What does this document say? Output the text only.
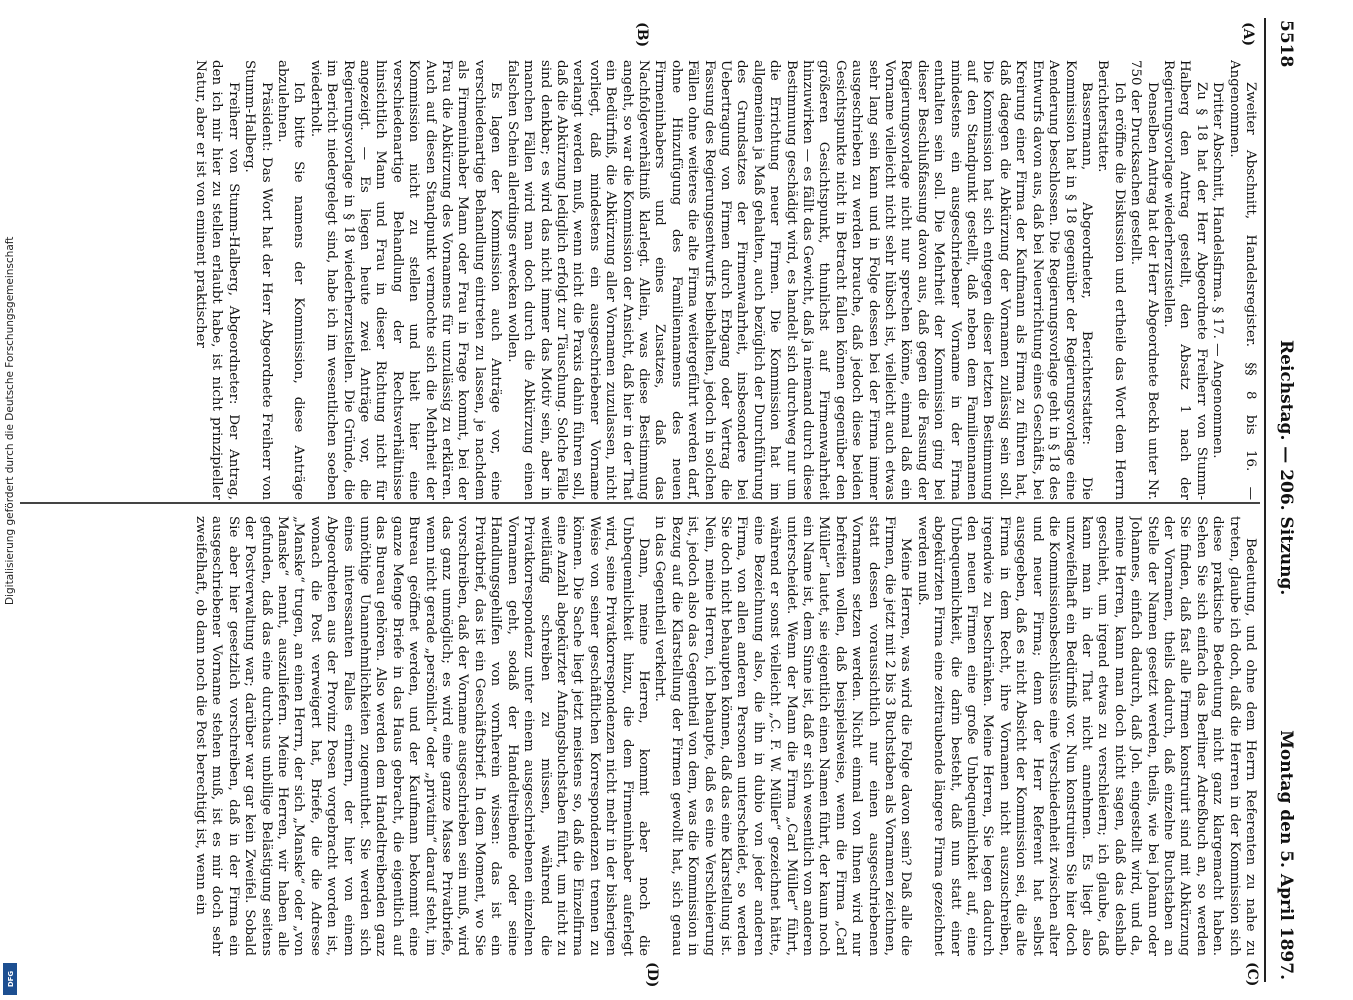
5518
Reichstag. — 206. Sitzung.
Montag den 5. April 1897.
(A)
(B)
(C)
(D)

Zweiter Abschnitt, Handelsregister. §§ 8 bis 16. — Angenommen.

Dritter Abschnitt, Handelsfirma. § 17. — Angenommen.

Zu § 18 hat der Herr Abgeordnete Freiherr von Stumm-Halberg den Antrag gestellt, den Absatz 1 nach der Regierungsvorlage wiederherzustellen.

Denselben Antrag hat der Herr Abgeordnete Beckh unter Nr. 750 der Drucksachen gestellt.

Ich eröffne die Diskussion und ertheile das Wort dem Herrn Berichterstatter.

Bassermann, Abgeordneter, Berichterstatter: Die Kommission hat in § 18 gegenüber der Regierungsvorlage eine Aenderung beschlossen. Die Regierungsvorlage geht in § 18 des Entwurfs davon aus, daß bei Neuerrichtung eines Geschäfts, bei Kreirung einer Firma der Kaufmann als Firma zu führen hat, daß dagegen die Abkürzung der Vornamen zulässig sein soll. Die Kommission hat sich entgegen dieser letzten Bestimmung auf den Standpunkt gestellt, daß neben dem Familiennamen mindestens ein ausgeschriebener Vorname in der Firma enthalten sein soll. Die Mehrheit der Kommission ging bei dieser Beschlußfassung davon aus, daß gegen die Fassung der Regierungsvorlage nicht nur sprechen könne, einmal daß ein Vorname vielleicht nicht sehr hübsch ist, vielleicht auch etwas sehr lang sein kann und in Folge dessen bei der Firma immer ausgeschrieben zu werden brauche, daß jedoch diese beiden Gesichtspunkte nicht in Betracht fallen können gegenüber den größeren Gesichtspunkt, thunlichst auf Firmenwahrheit hinzuwirken — es fällt das Gewicht, daß ja niemand durch diese Bestimmung geschädigt wird, es handelt sich durchweg nur um die Errichtung neuer Firmen. Die Kommission hat im allgemeinen ja Maß gehalten, auch bezüglich der Durchführung des Grundsatzes der Firmenwahrheit, insbesondere bei Uebertragung von Firmen durch Erbgang oder Vertrag die Fassung des Regierungsentwurfs beibehalten, jedoch in solchen Fällen ohne weiteres die alte Firma weitergeführt werden darf, ohne Hinzufügung des Familiennamens des neuen Firmeninhabers und eines Zusatzes, daß das Nachfolgeverhältniß klarlegt. Allein, was diese Bestimmung angeht, so war die Kommission der Ansicht, daß hier in der That ein Bedürfniß, die Abkürzung aller Vornamen zuzulassen, nicht vorliegt, daß mindestens ein ausgeschriebener Vorname verlangt werden muß, wenn nicht die Praxis dahin führen soll, daß die Abkürzung lediglich erfolgt zur Täuschung. Solche Fälle sind denkbar; es wird das nicht immer das Motiv sein, aber in manchen Fällen wird man doch durch die Abkürzung einen falschen Schein allerdings erwecken wollen.

Es lagen der Kommission auch Anträge vor, eine verschiedenartige Behandlung eintreten zu lassen, je nachdem als Firmeninhaber Mann oder Frau in Frage kommt, bei der Frau die Abkürzung des Vornamens für unzulässig zu erklären. Auch auf diesen Standpunkt vermochte sich die Mehrheit der Kommission nicht zu stellen und hielt hier eine verschiedenartige Behandlung der Rechtsverhältnisse hinsichtlich Mann und Frau in dieser Richtung nicht für angezeigt. — Es liegen heute zwei Anträge vor, die Regierungsvorlage in § 18 wiederherzustellen. Die Gründe, die im Bericht niedergelegt sind, habe ich im wesentlichen soeben wiederholt.

Ich bitte Sie namens der Kommission, diese Anträge abzulehnen.

Präsident: Das Wort hat der Herr Abgeordnete Freiherr von Stumm-Halberg.

Freiherr von Stumm-Halberg, Abgeordneter: Der Antrag, den ich mir hier zu stellen erlaubt habe, ist nicht prinzipieller Natur, aber er ist von eminent praktischer

Bedeutung, und ohne dem Herrn Referenten zu nahe zu treten, glaube ich doch, daß die Herren in der Kommission sich diese praktische Bedeutung nicht ganz klargemacht haben. Sehen Sie sich einfach das Berliner Adreßbuch an, so werden Sie finden, daß fast alle Firmen konstruirt sind mit Abkürzung der Vornamen, theils dadurch, daß einzelne Buchstaben an Stelle der Namen gesetzt werden, theils, wie bei Johann oder Johannes, einfach dadurch, daß Joh. eingestellt wird, und da, meine Herren, kann man doch nicht sagen, daß das deshalb geschieht, um irgend etwas zu verschleiern; ich glaube, daß kann man in der That nicht annehmen. Es liegt also unzweifelhaft ein Bedürfniß vor. Nun konstruiren Sie hier doch die Kommissionsbeschlüsse eine Verschiedenheit zwischen alter und neuer Firma; denn der Herr Referent hat selbst ausgegeben, daß es nicht Absicht der Kommission sei, die alte Firma in dem Recht, ihre Vornamen nicht auszuschreiben, irgendwie zu beschränken. Meine Herren, Sie legen dadurch den neuen Firmen eine große Unbequemlichkeit auf, eine Unbequemlichkeit, die darin besteht, daß nun statt einer abgekürzten Firma eine zeitraubende längere Firma gezeichnet werden muß.

Meine Herren, was wird die Folge davon sein? Daß alle die Firmen, die jetzt mit 2 bis 3 Buchstaben als Vornamen zeichnen, statt dessen voraussichtlich nur einen ausgeschriebenen Vornamen setzen werden. Nicht einmal von Ihnen wird nur befreiten wollen, daß beispielsweise, wenn die Firma „Carl Müller“ lautet, sie eigentlich einen Namen führt, der kaum noch ein Name ist, dem Sinne ist, daß er sich wesentlich von anderen unterscheidet. Wenn der Mann die Firma „Carl Müller“ führt, während er sonst vielleicht „C. F. W. Müller“ gezeichnet hätte, eine Bezeichnung also, die ihn in dubio von jeder anderen Firma, von allen anderen Personen unterscheidet, so werden Sie doch nicht behaupten können, daß das eine Klarstellung ist. Nein, meine Herren, ich behaupte, daß es eine Verschleierung ist, jedoch also das Gegentheil von dem, was die Kommission in Bezug auf die Klarstellung der Firmen gewollt hat, sich genau in das Gegentheil verkehrt.

Dann, meine Herren, kommt aber noch die Unbequemlichkeit hinzu, die dem Firmeninhaber auferlegt wird, seine Privatkorrespondenzen nicht mehr in der bisherigen Weise von seiner geschäftlichen Korrespondenzen trennen zu können. Die Sache liegt jetzt meistens so, daß die Einzelfirma eine Anzahl abgekürzter Anfangsbuchstaben führt, um nicht zu weitläufig schreiben zu müssen, während die Privatkorrespondenz unter einem ausgeschriebenen einzelnen Vornamen geht, sodaß der Handeltreibende oder seine Handlungsgehilfen von vornherein wissen: das ist ein Privatbrief, das ist ein Geschäftsbrief. In dem Moment, wo Sie vorschreiben, daß der Vorname ausgeschrieben sein muß, wird das ganz unmöglich; es wird eine ganze Masse Privatbriefe, wenn nicht gerade „persönlich“ oder „privatim“ darauf steht, im Bureau geöffnet werden, und der Kaufmann bekommt eine ganze Menge Briefe in das Haus gebracht, die eigentlich auf das Bureau gehören. Also werden dem Handeltreibenden ganz unnöthige Unannehmlichkeiten zugemuthet. Sie werden sich eines interessanten Falles erinnern, der hier von einem Abgeordneten aus der Provinz Posen vorgebracht worden ist, wonach die Post verweigert hat, Briefe, die die Adresse „Manske“ trugen, an einen Herrn, der sich „Manske“ oder „von Manske“ nennt, auszuliefern. Meine Herren, wir haben alle gefunden, daß das eine durchaus unbillige Belästigung seitens der Postverwaltung war; darüber war gar kein Zweifel. Sobald Sie aber hier gesetzlich vorschreiben, daß in der Firma ein ausgeschriebener Vorname stehen muß, ist es mir doch sehr zweifelhaft, ob dann noch die Post berechtigt ist, wenn ein

Digitalisierung gefördert durch die Deutsche Forschungsgemeinschaft
DFG
